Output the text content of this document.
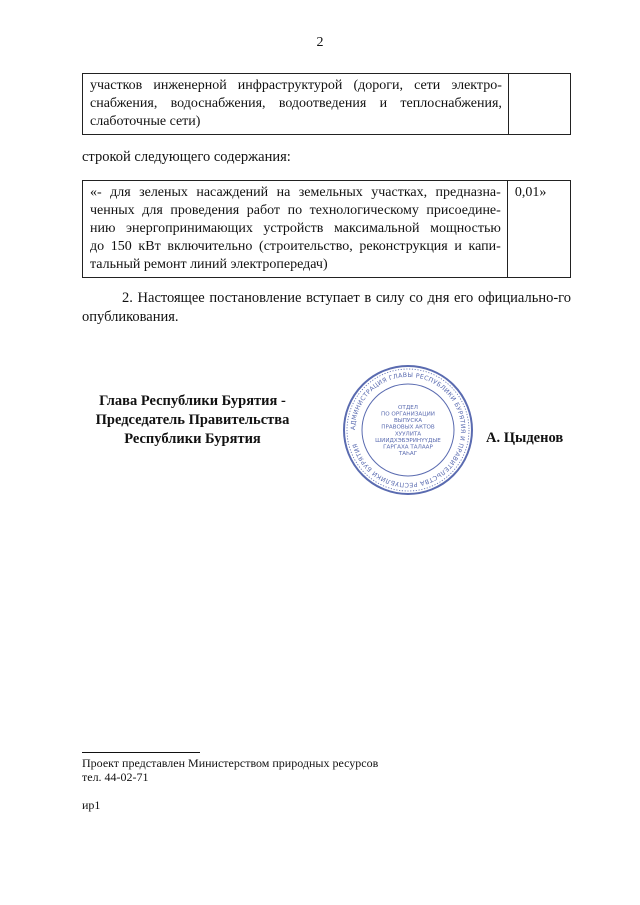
2
участков инженерной инфраструктурой (дороги, сети электро-
снабжения, водоснабжения, водоотведения и теплоснабжения,
слаботочные сети)

строкой следующего содержания:
«- для зеленых насаждений на земельных участках, предназна-
ченных для проведения работ по технологическому присоедине-
нию энергопринимающих устройств максимальной мощностью
до 150 кВт включительно (строительство, реконструкция и капи-
тальный ремонт линий электропередач)
	0,01»
2. Настоящее постановление вступает в силу со дня его официально-го опубликования.
Глава Республики Бурятия -
Председатель Правительства
Республики Бурятия
АДМИНИСТРАЦИЯ ГЛАВЫ РЕСПУБЛИКИ БУРЯТИЯ И ПРАВИТЕЛЬСТВА РЕСПУБЛИКИ БУРЯТИЯ
ОТДЕЛ
ПО ОРГАНИЗАЦИИ
ВЫПУСКА
ПРАВОВЫХ АКТОВ
ХУУЛИТА
ШИИДХЭБЭРИНҮҮДЫЕ
ГАРГАХА ТАЛААР
ТАҺАГ
А. Цыденов
Проект представлен Министерством природных ресурсов
тел. 44-02-71
ир1
